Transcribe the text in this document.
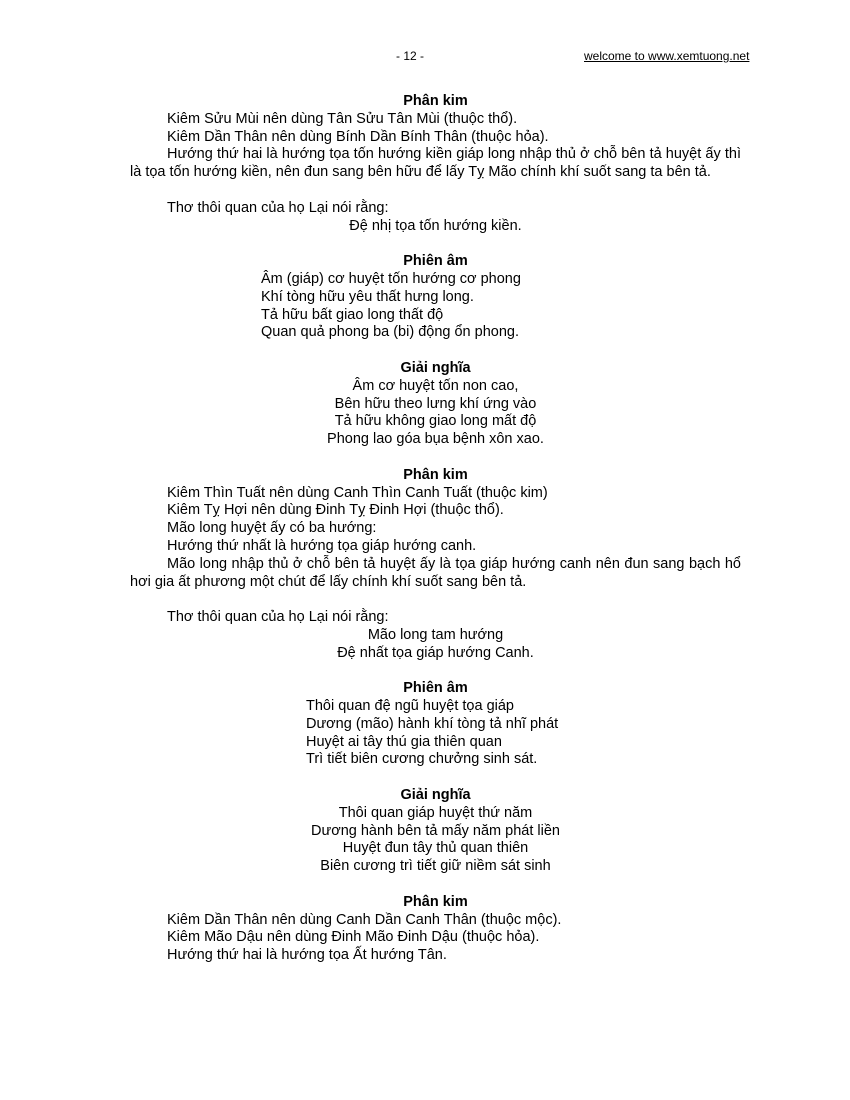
- 12 -	welcome to www.xemtuong.net
Phân kim
Kiêm Sửu Mùi nên dùng Tân Sửu Tân Mùi (thuộc thổ).
Kiêm Dần Thân nên dùng Bính Dần Bính Thân (thuộc hỏa).
Hướng thứ hai là hướng tọa tốn hướng kiền giáp long nhập thủ ở chỗ bên tả huyệt ấy thì là tọa tốn hướng kiền, nên đun sang bên hữu để lấy Tỵ Mão chính khí suốt sang ta bên tả.
Thơ thôi quan của họ Lại nói rằng:
Đệ nhị tọa tốn hướng kiền.
Phiên âm
Âm (giáp) cơ huyệt tốn hướng cơ phong
Khí tòng hữu yêu thất hưng long.
Tả hữu bất giao long thất độ
Quan quả phong ba (bi) động ổn phong.
Giải nghĩa
Âm cơ huyệt tốn non cao,
Bên hữu theo lưng khí ứng vào
Tả hữu không giao long mất độ
Phong lao góa bụa bệnh xôn xao.
Phân kim
Kiêm Thìn Tuất nên dùng Canh Thìn Canh Tuất (thuộc kim)
Kiêm Tỵ Hợi nên dùng Đinh Tỵ Đinh Hợi (thuộc thổ).
Mão long huyệt ấy có ba hướng:
Hướng thứ nhất là hướng tọa giáp hướng canh.
Mão long nhập thủ ở chỗ bên tả huyệt ấy là tọa giáp hướng canh nên đun sang bạch hổ hơi gia ất phương một chút để lấy chính khí suốt sang bên tả.
Thơ thôi quan của họ Lại nói rằng:
Mão long tam hướng
Đệ nhất tọa giáp hướng Canh.
Phiên âm
Thôi quan đệ ngũ huyệt tọa giáp
Dương (mão) hành khí tòng tả nhĩ phát
Huyệt ai tây thú gia thiên quan
Trì tiết biên cương chưởng sinh sát.
Giải nghĩa
Thôi quan giáp huyệt thứ năm
Dương hành bên tả mấy năm phát liền
Huyệt đun tây thủ quan thiên
Biên cương trì tiết giữ niềm sát sinh
Phân kim
Kiêm Dần Thân nên dùng Canh Dần Canh Thân (thuộc mộc).
Kiêm Mão Dậu nên dùng Đinh Mão Đinh Dậu (thuộc hỏa).
Hướng thứ hai là hướng tọa Ất hướng Tân.
